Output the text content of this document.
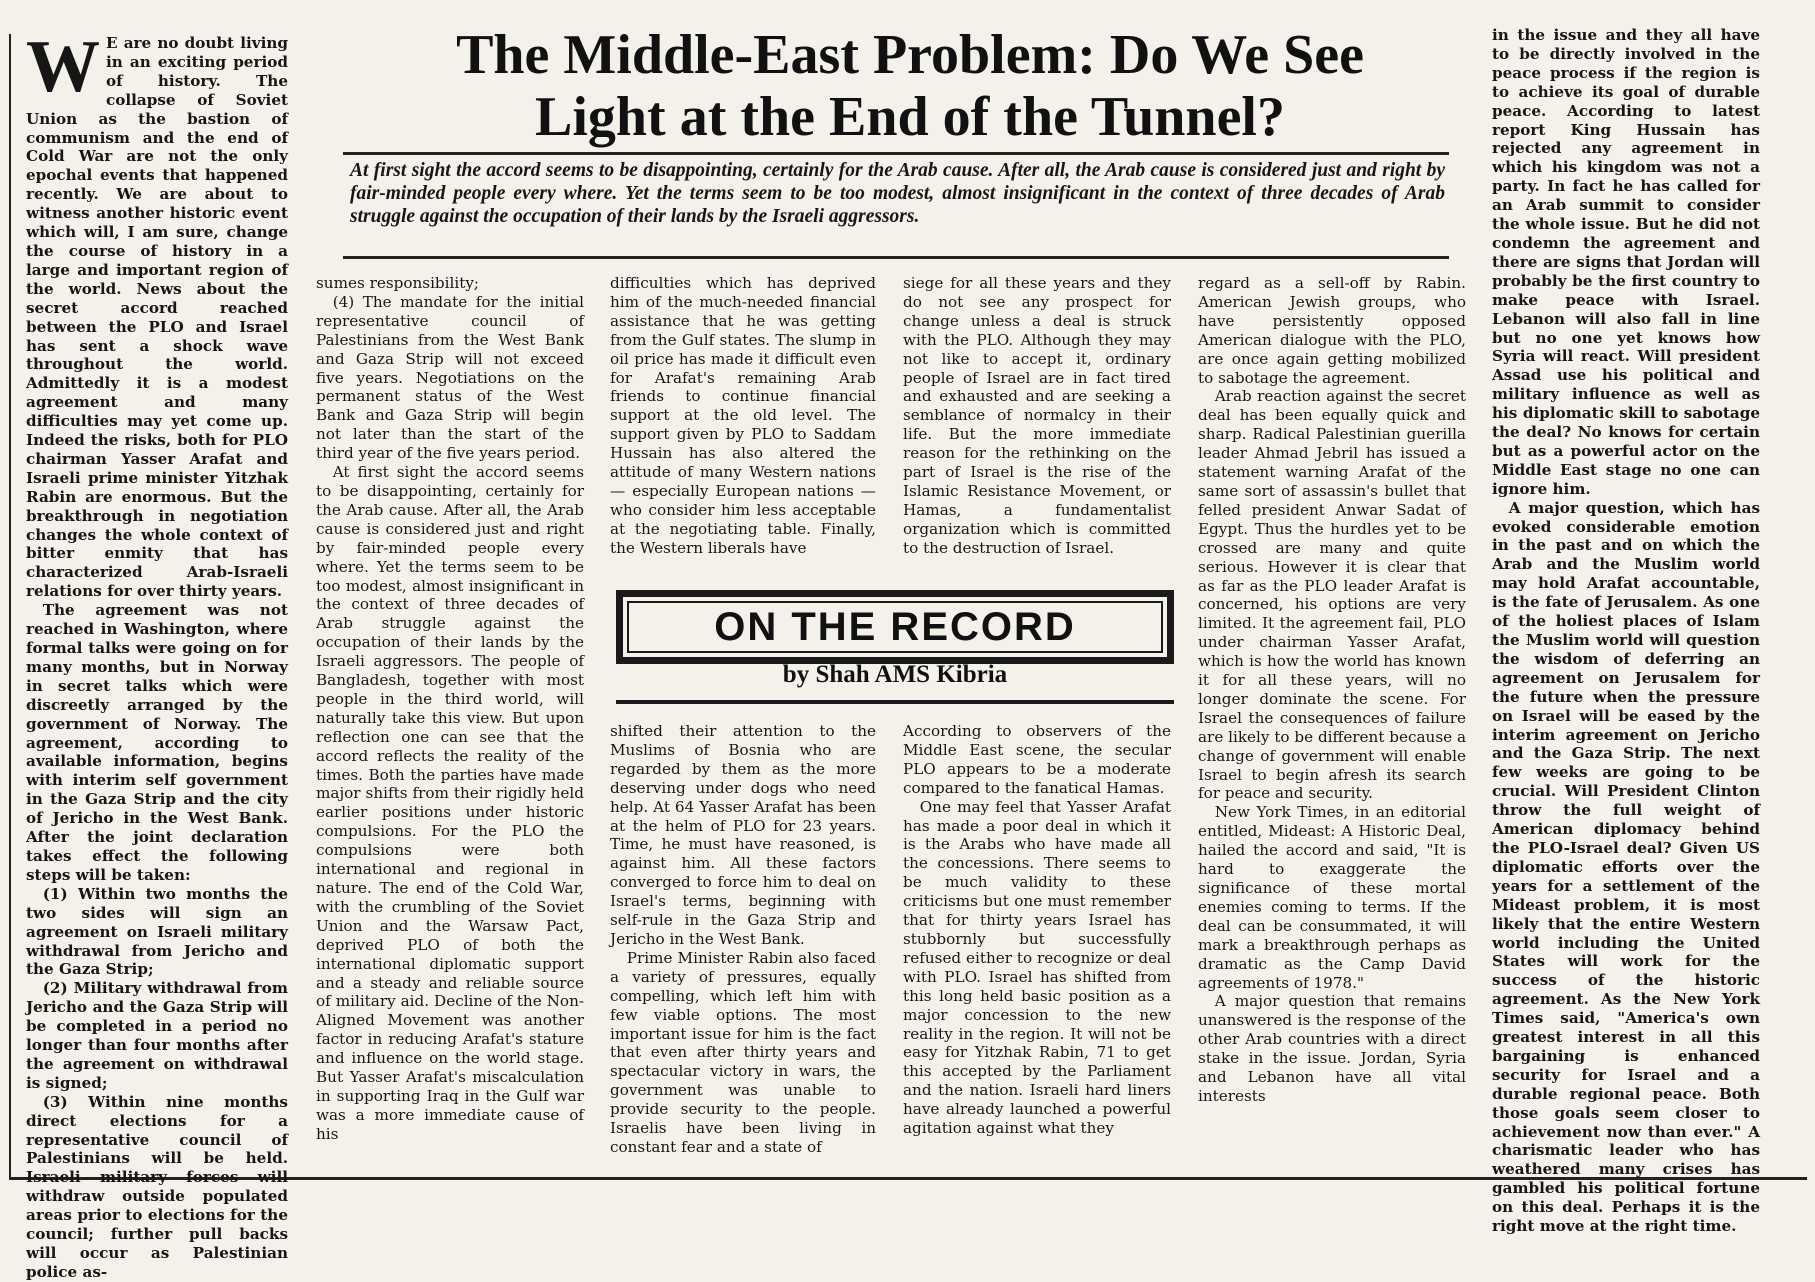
W E are no doubt living in an exciting period of history. The collapse of Soviet Union as the bastion of communism and the end of Cold War are not the only epochal events that happened recently. We are about to witness another historic event which will, I am sure, change the course of history in a large and important region of the world. News about the secret accord reached between the PLO and Israel has sent a shock wave throughout the world. Admittedly it is a modest agreement and many difficulties may yet come up. Indeed the risks, both for PLO chairman Yasser Arafat and Israeli prime minister Yitzhak Rabin are enormous. But the breakthrough in negotiation changes the whole context of bitter enmity that has characterized Arab-Israeli relations for over thirty years.

The agreement was not reached in Washington, where formal talks were going on for many months, but in Norway in secret talks which were discreetly arranged by the government of Norway. The agreement, according to available information, begins with interim self government in the Gaza Strip and the city of Jericho in the West Bank. After the joint declaration takes effect the following steps will be taken:

(1) Within two months the two sides will sign an agreement on Israeli military withdrawal from Jericho and the Gaza Strip;

(2) Military withdrawal from Jericho and the Gaza Strip will be completed in a period no longer than four months after the agreement on withdrawal is signed;

(3) Within nine months direct elections for a representative council of Palestinians will be held. Israeli military forces will withdraw outside populated areas prior to elections for the council; further pull backs will occur as Palestinian police as-

The Middle-East Problem: Do We See
Light at the End of the Tunnel?

At first sight the accord seems to be disappointing, certainly for the Arab cause. After all, the Arab cause is considered just and right by fair-minded people every where. Yet the terms seem to be too modest, almost insignificant in the context of three decades of Arab struggle against the occupation of their lands by the Israeli aggressors.

sumes responsibility;

(4) The mandate for the initial representative council of Palestinians from the West Bank and Gaza Strip will not exceed five years. Negotiations on the permanent status of the West Bank and Gaza Strip will begin not later than the start of the third year of the five years period.

At first sight the accord seems to be disappointing, certainly for the Arab cause. After all, the Arab cause is considered just and right by fair-minded people every where. Yet the terms seem to be too modest, almost insignificant in the context of three decades of Arab struggle against the occupation of their lands by the Israeli aggressors. The people of Bangladesh, together with most people in the third world, will naturally take this view. But upon reflection one can see that the accord reflects the reality of the times. Both the parties have made major shifts from their rigidly held earlier positions under historic compulsions. For the PLO the compulsions were both international and regional in nature. The end of the Cold War, with the crumbling of the Soviet Union and the Warsaw Pact, deprived PLO of both the international diplomatic support and a steady and reliable source of military aid. Decline of the Non-Aligned Movement was another factor in reducing Arafat's stature and influence on the world stage. But Yasser Arafat's miscalculation in supporting Iraq in the Gulf war was a more immediate cause of his

difficulties which has deprived him of the much-needed financial assistance that he was getting from the Gulf states. The slump in oil price has made it difficult even for Arafat's remaining Arab friends to continue financial support at the old level. The support given by PLO to Saddam Hussain has also altered the attitude of many Western nations — especially European nations — who consider him less acceptable at the negotiating table. Finally, the Western liberals have

siege for all these years and they do not see any prospect for change unless a deal is struck with the PLO. Although they may not like to accept it, ordinary people of Israel are in fact tired and exhausted and are seeking a semblance of normalcy in their life. But the more immediate reason for the rethinking on the part of Israel is the rise of the Islamic Resistance Movement, or Hamas, a fundamentalist organization which is committed to the destruction of Israel.

ON THE RECORD
by Shah AMS Kibria

shifted their attention to the Muslims of Bosnia who are regarded by them as the more deserving under dogs who need help. At 64 Yasser Arafat has been at the helm of PLO for 23 years. Time, he must have reasoned, is against him. All these factors converged to force him to deal on Israel's terms, beginning with self-rule in the Gaza Strip and Jericho in the West Bank.

Prime Minister Rabin also faced a variety of pressures, equally compelling, which left him with few viable options. The most important issue for him is the fact that even after thirty years and spectacular victory in wars, the government was unable to provide security to the people. Israelis have been living in constant fear and a state of

According to observers of the Middle East scene, the secular PLO appears to be a moderate compared to the fanatical Hamas.

One may feel that Yasser Arafat has made a poor deal in which it is the Arabs who have made all the concessions. There seems to be much validity to these criticisms but one must remember that for thirty years Israel has stubbornly but successfully refused either to recognize or deal with PLO. Israel has shifted from this long held basic position as a major concession to the new reality in the region. It will not be easy for Yitzhak Rabin, 71 to get this accepted by the Parliament and the nation. Israeli hard liners have already launched a powerful agitation against what they

regard as a sell-off by Rabin. American Jewish groups, who have persistently opposed American dialogue with the PLO, are once again getting mobilized to sabotage the agreement.

Arab reaction against the secret deal has been equally quick and sharp. Radical Palestinian guerilla leader Ahmad Jebril has issued a statement warning Arafat of the same sort of assassin's bullet that felled president Anwar Sadat of Egypt. Thus the hurdles yet to be crossed are many and quite serious. However it is clear that as far as the PLO leader Arafat is concerned, his options are very limited. It the agreement fail, PLO under chairman Yasser Arafat, which is how the world has known it for all these years, will no longer dominate the scene. For Israel the consequences of failure are likely to be different because a change of government will enable Israel to begin afresh its search for peace and security.

New York Times, in an editorial entitled, Mideast: A Historic Deal, hailed the accord and said, "It is hard to exaggerate the significance of these mortal enemies coming to terms. If the deal can be consummated, it will mark a breakthrough perhaps as dramatic as the Camp David agreements of 1978."

A major question that remains unanswered is the response of the other Arab countries with a direct stake in the issue. Jordan, Syria and Lebanon have all vital interests

in the issue and they all have to be directly involved in the peace process if the region is to achieve its goal of durable peace. According to latest report King Hussain has rejected any agreement in which his kingdom was not a party. In fact he has called for an Arab summit to consider the whole issue. But he did not condemn the agreement and there are signs that Jordan will probably be the first country to make peace with Israel. Lebanon will also fall in line but no one yet knows how Syria will react. Will president Assad use his political and military influence as well as his diplomatic skill to sabotage the deal? No knows for certain but as a powerful actor on the Middle East stage no one can ignore him.

A major question, which has evoked considerable emotion in the past and on which the Arab and the Muslim world may hold Arafat accountable, is the fate of Jerusalem. As one of the holiest places of Islam the Muslim world will question the wisdom of deferring an agreement on Jerusalem for the future when the pressure on Israel will be eased by the interim agreement on Jericho and the Gaza Strip. The next few weeks are going to be crucial. Will President Clinton throw the full weight of American diplomacy behind the PLO-Israel deal? Given US diplomatic efforts over the years for a settlement of the Mideast problem, it is most likely that the entire Western world including the United States will work for the success of the historic agreement. As the New York Times said, "America's own greatest interest in all this bargaining is enhanced security for Israel and a durable regional peace. Both those goals seem closer to achievement now than ever." A charismatic leader who has weathered many crises has gambled his political fortune on this deal. Perhaps it is the right move at the right time.
